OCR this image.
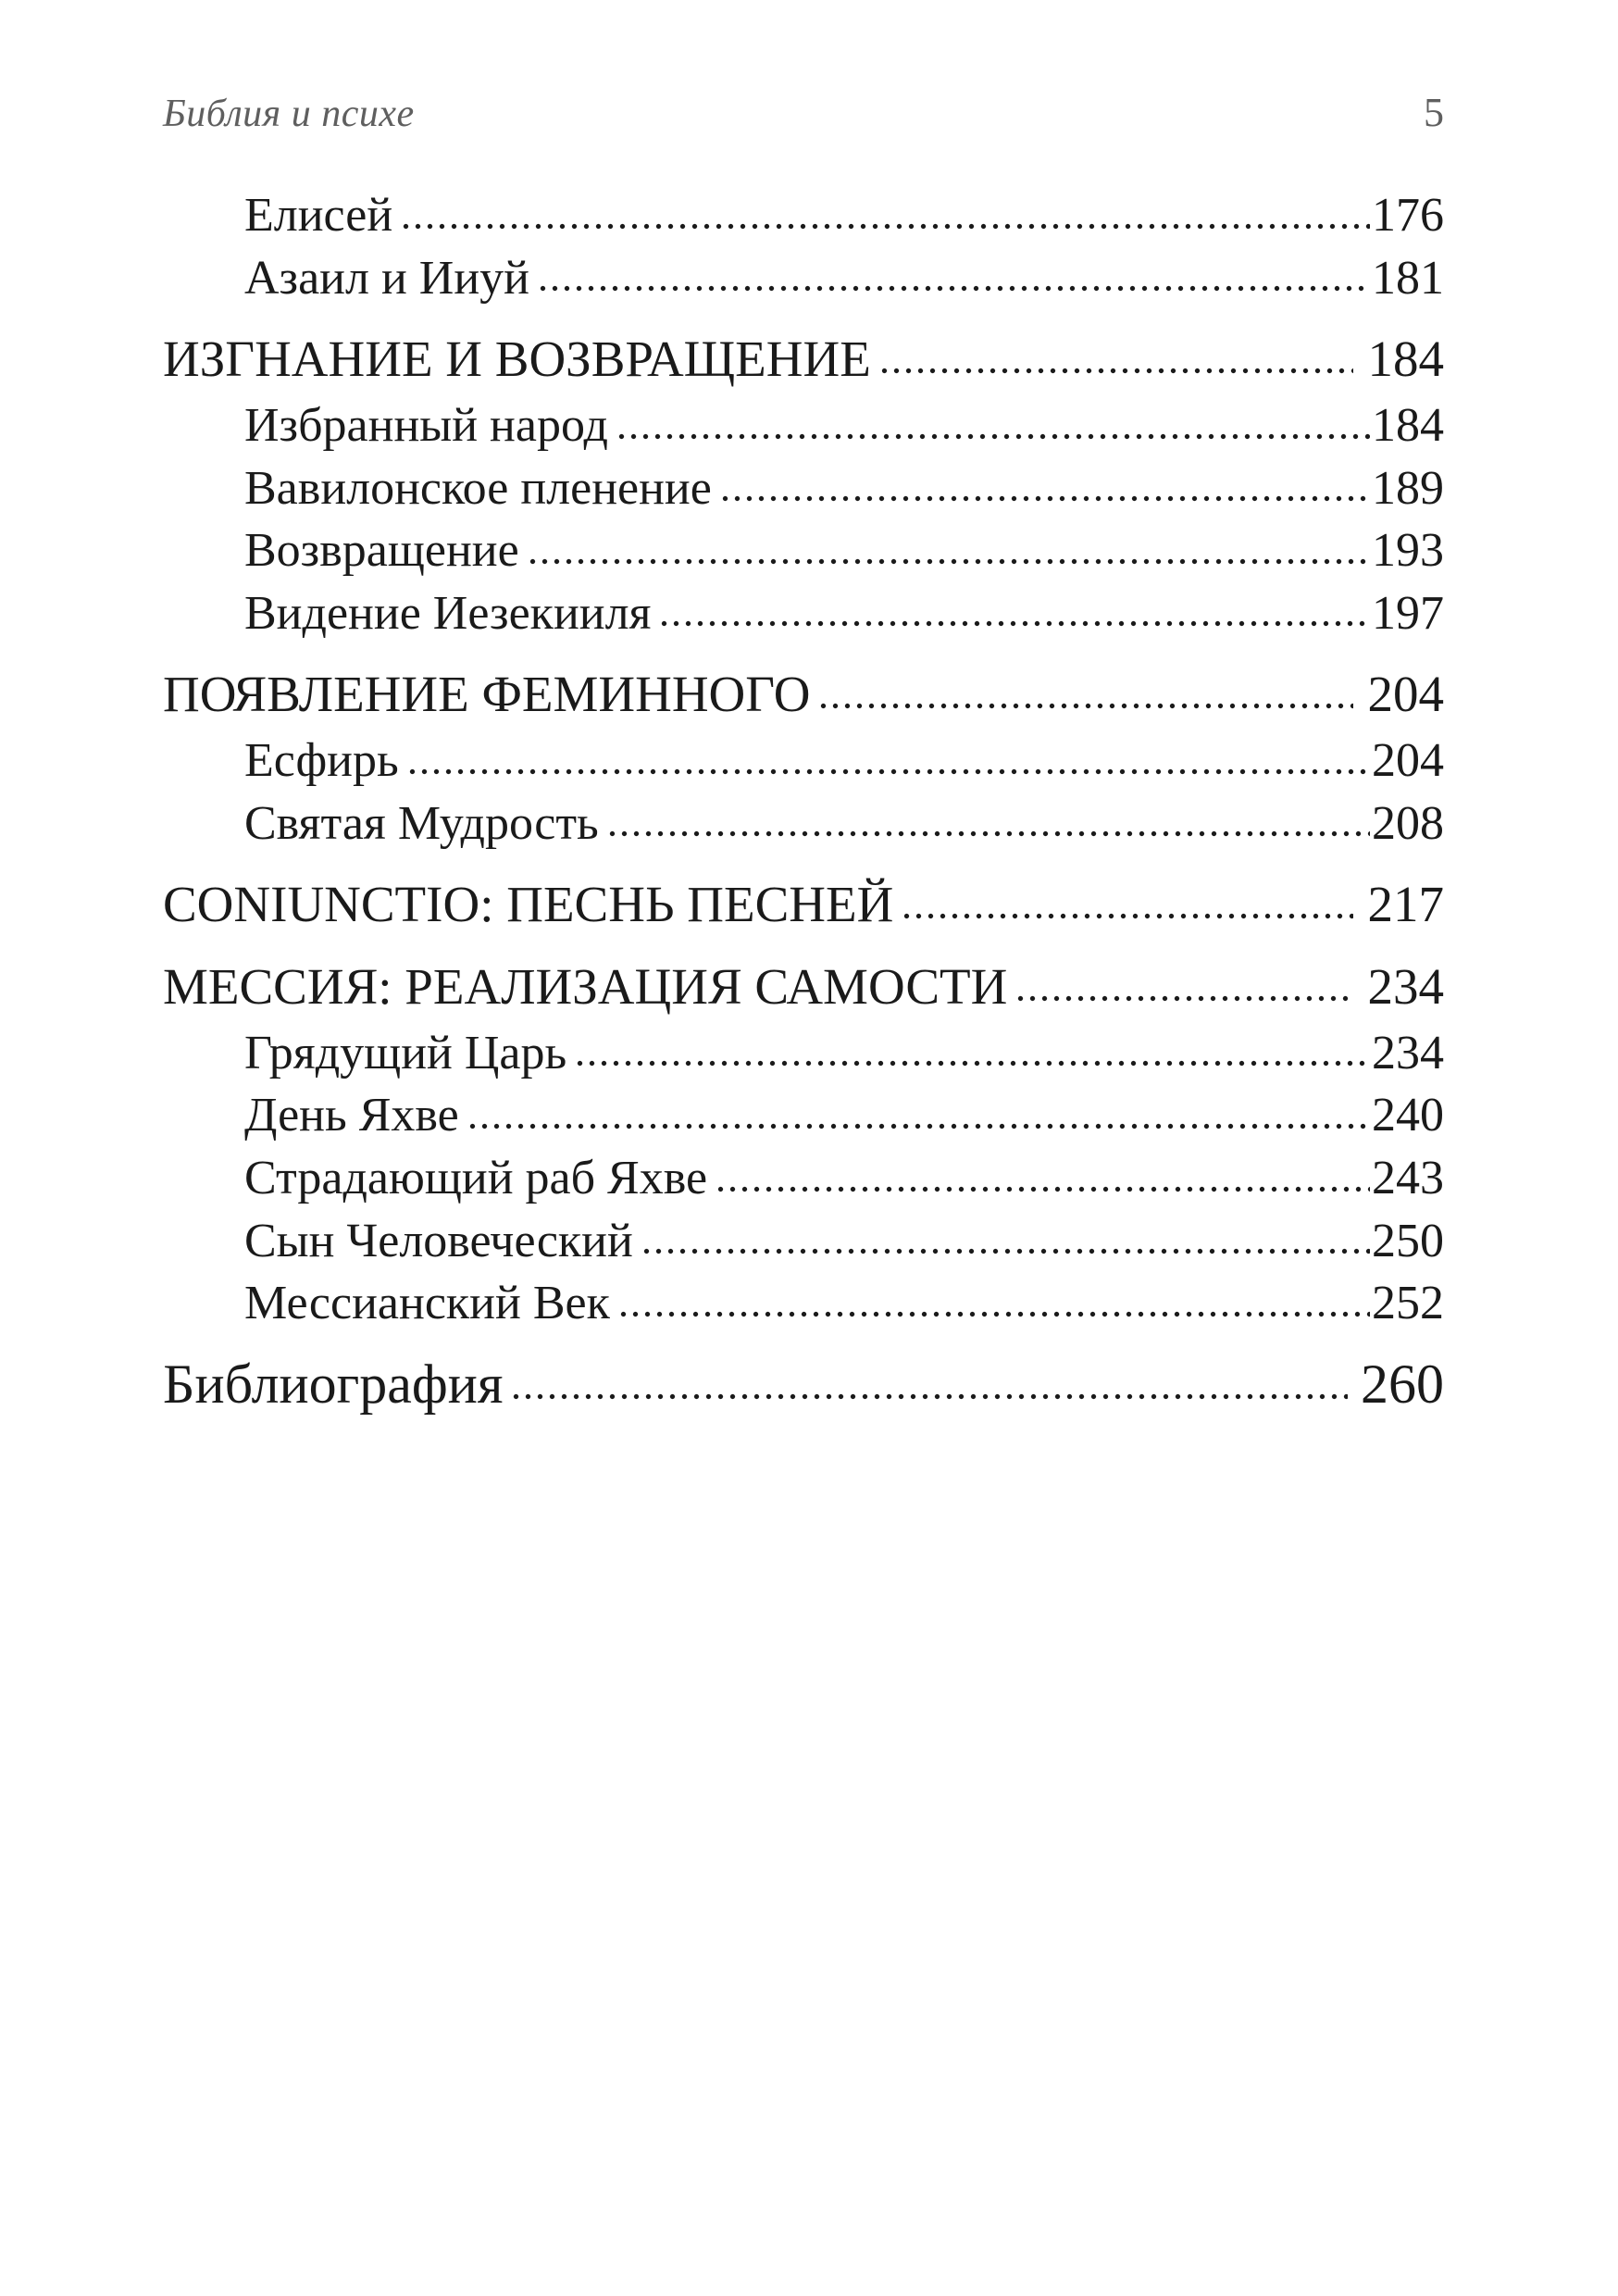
Библия и психе	5
Елисей	176
Азаил и Ииуй	181
ИЗГНАНИЕ И ВОЗВРАЩЕНИЕ	184
Избранный народ	184
Вавилонское пленение	189
Возвращение	193
Видение Иезекииля	197
ПОЯВЛЕНИЕ ФЕМИННОГО	204
Есфирь	204
Святая Мудрость	208
CONIUNCTIO: ПЕСНЬ ПЕСНЕЙ	217
МЕССИЯ: РЕАЛИЗАЦИЯ САМОСТИ	234
Грядущий Царь	234
День Яхве	240
Страдающий раб Яхве	243
Сын Человеческий	250
Мессианский Век	252
Библиография	260
